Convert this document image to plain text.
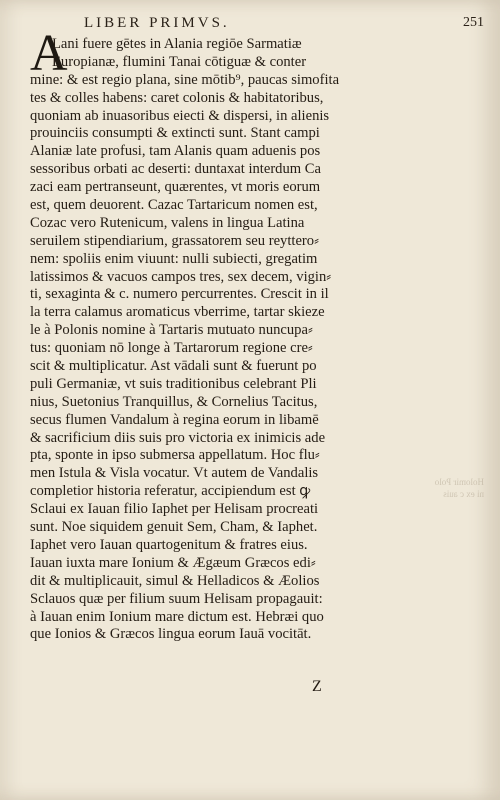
LIBER PRIMVS.	251
A
Lani fuere gētes in Alania regiōe Sarmatiæ
Europianæ, flumini Tanai cōtiguæ & conter
mine: & est regio plana, sine mōtib⁹, paucas simofita
tes & colles habens: caret colonis & habitatoribus,
quoniam ab inuasoribus eiecti & dispersi, in alienis
prouinciis consumpti & extincti sunt. Stant campi
Alaniæ late profusi, tam Alanis quam aduenis pos
sessoribus orbati ac deserti: duntaxat interdum Ca
zaci eam pertranseunt, quærentes, vt moris eorum
est, quem deuorent. Cazac Tartaricum nomen est,
Cozac vero Rutenicum, valens in lingua Latina
seruilem stipendiarium, grassatorem seu reyttero⸗
nem: spoliis enim viuunt: nulli subiecti, gregatim
latissimos & vacuos campos tres, sex decem, vigin⸗
ti, sexaginta & c. numero percurrentes. Crescit in il
la terra calamus aromaticus vberrime, tartar skieze
le à Polonis nomine à Tartaris mutuato nuncupa⸗
tus: quoniam nō longe à Tartarorum regione cre⸗
scit & multiplicatur. Ast vādali sunt & fuerunt po
puli Germaniæ, vt suis traditionibus celebrant Pli
nius, Suetonius Tranquillus, & Cornelius Tacitus,
secus flumen Vandalum à regina eorum in libamē
& sacrificium diis suis pro victoria ex inimicis ade
pta, sponte in ipso submersa appellatum. Hoc flu⸗
men Istula & Visla vocatur. Vt autem de Vandalis
completior historia referatur, accipiendum est ꝙ
Sclaui ex Iauan filio Iaphet per Helisam procreati
sunt. Noe siquidem genuit Sem, Cham, & Iaphet.
Iaphet vero Iauan quartogenitum & fratres eius.
Iauan iuxta mare Ionium & Ægæum Græcos edi⸗
dit & multiplicauit, simul & Helladicos & Æolios
Sclauos quæ per filium suum Helisam propagauit:
à Iauan enim Ionium mare dictum est. Hebræi quo
que Ionios & Græcos lingua eorum Iauā vocitāt.
Z
Holomir Polo
ni ex c auis
